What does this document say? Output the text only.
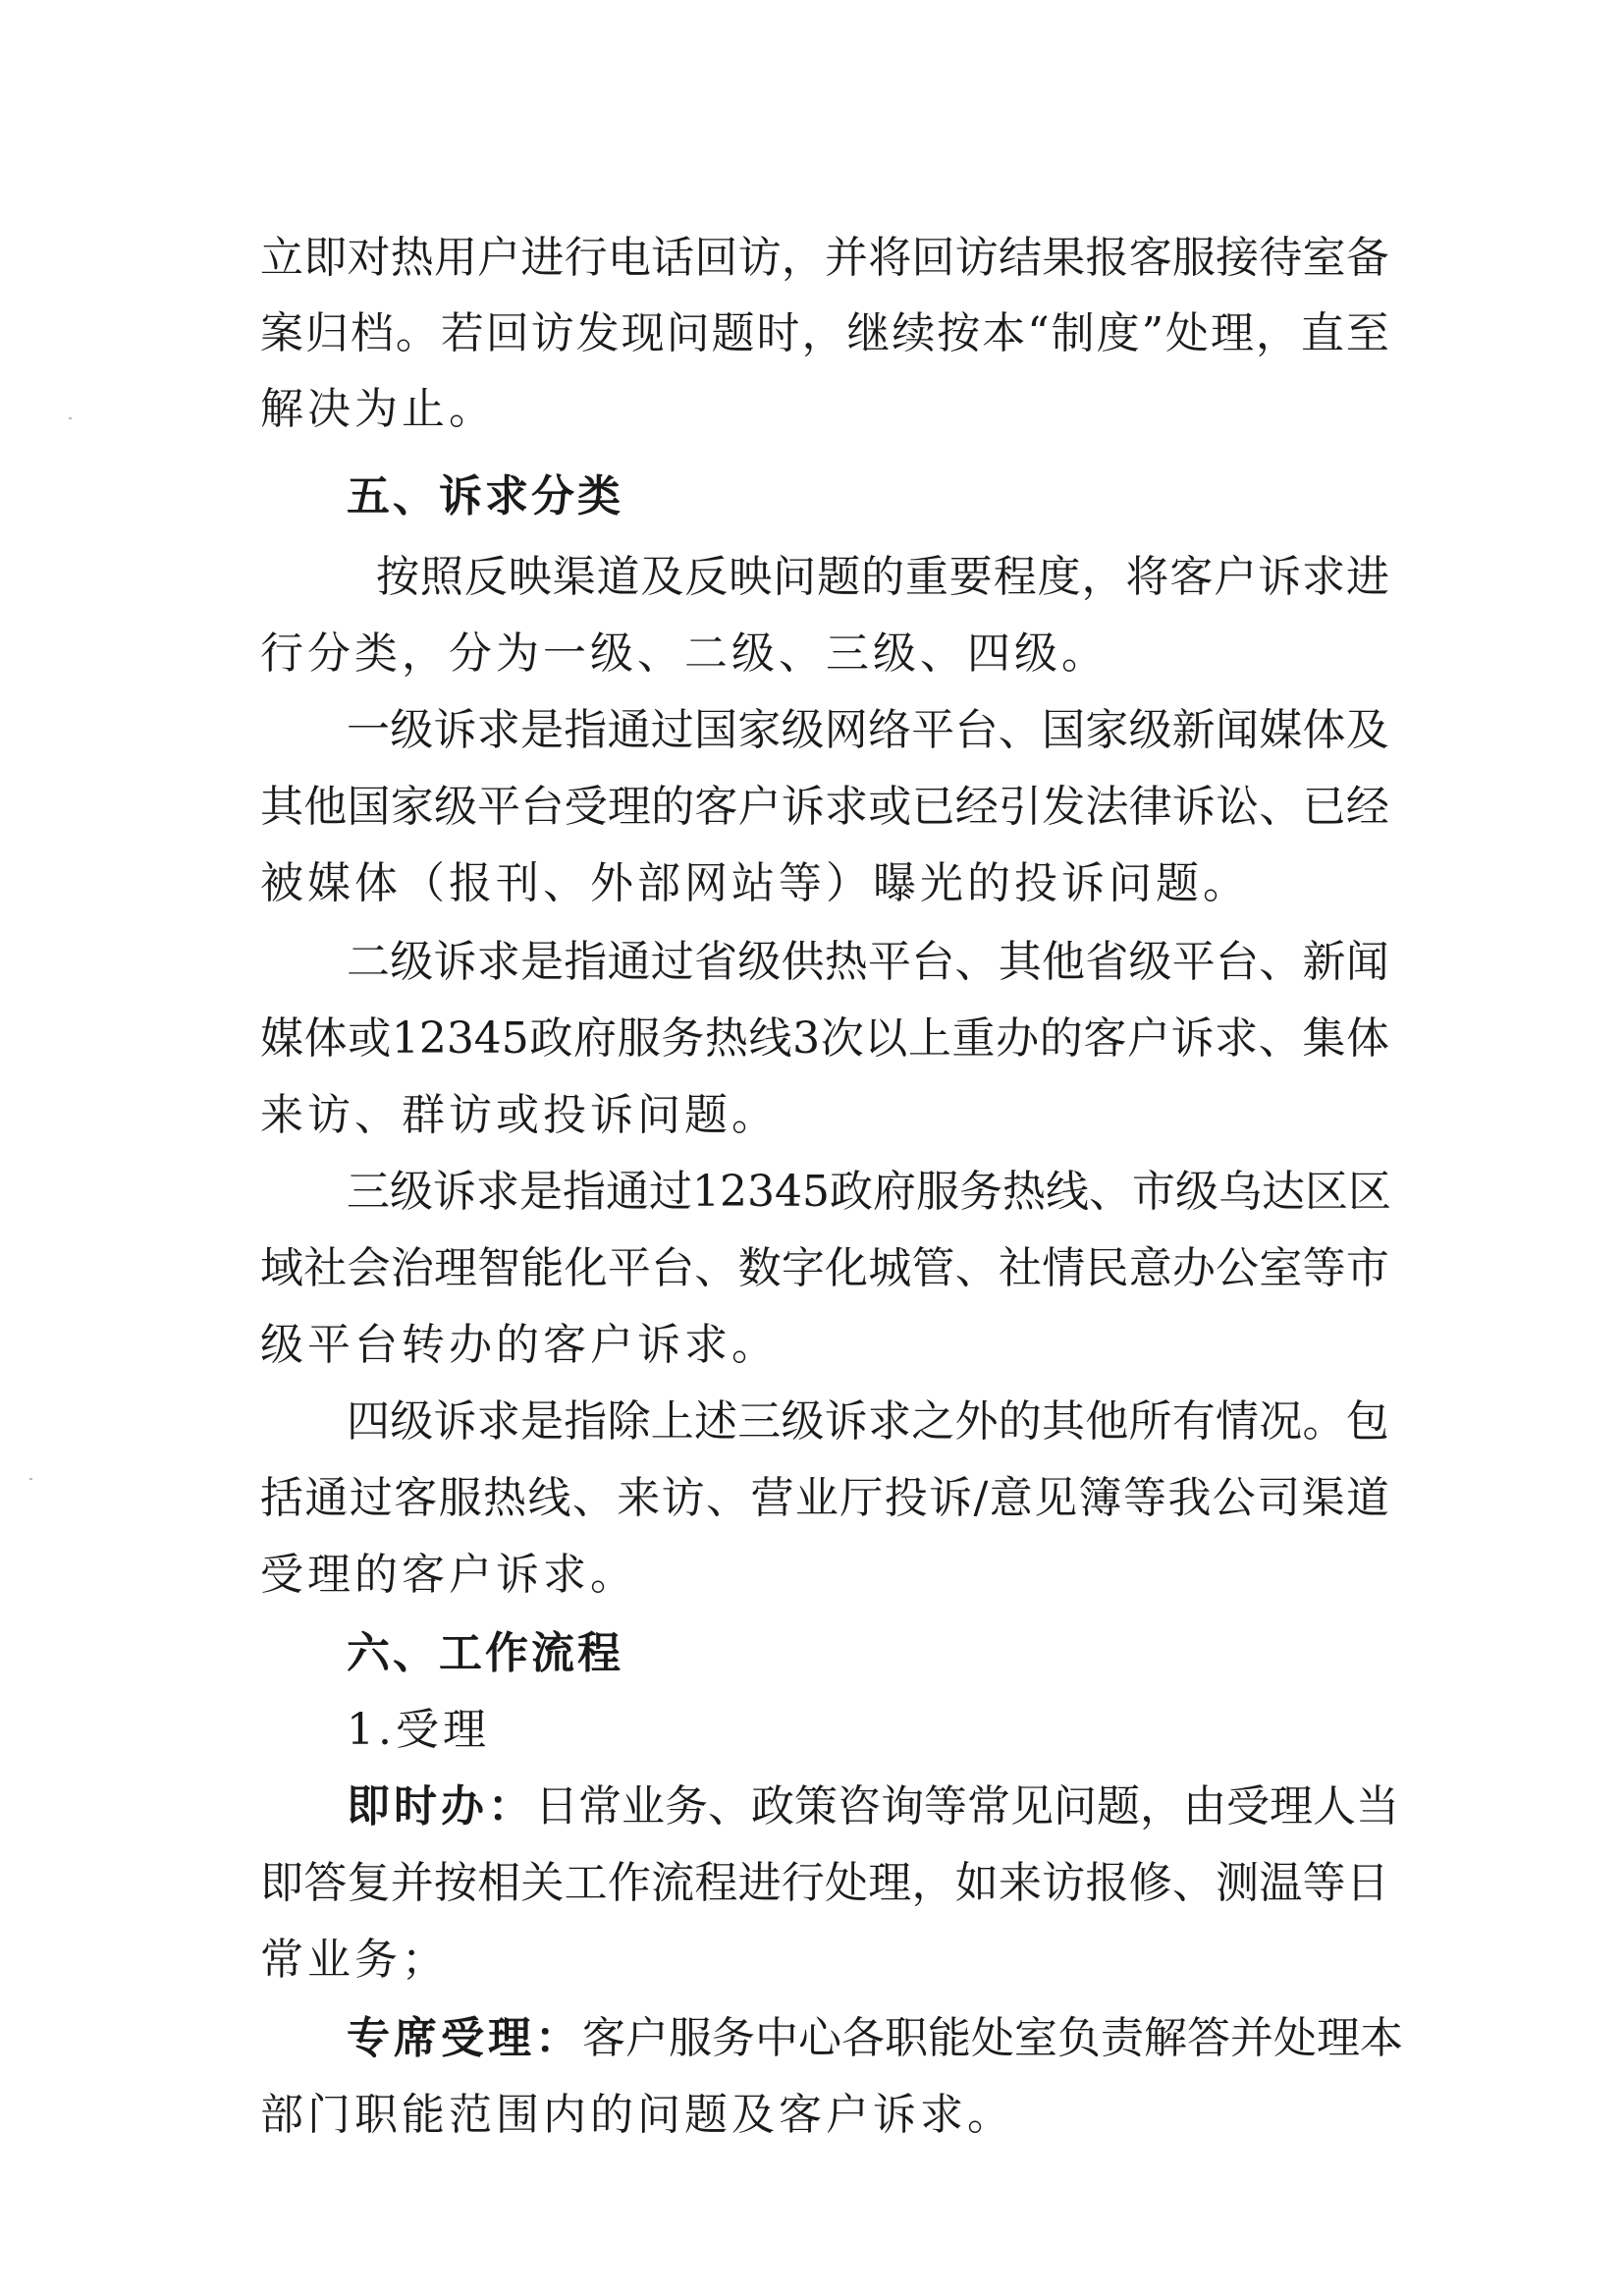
立 即 对 热 用 户 进 行 电 话 回 访 ， 并 将 回 访 结 果 报 客 服 接 待 室 备
案 归 档 。 若 回 访 发 现 问 题 时 ， 继 续 按 本 “ 制 度 ” 处 理 ， 直 至
解决为止。
五、诉求分类
按 照 反 映 渠 道 及 反 映 问 题 的 重 要 程 度 ， 将 客 户 诉 求 进
行分类，分为一级、二级、三级、四级。
一 级 诉 求 是 指 通 过 国 家 级 网 络 平 台 、 国 家 级 新 闻 媒 体 及
其 他 国 家 级 平 台 受 理 的 客 户 诉 求 或 已 经 引 发 法 律 诉 讼 、 已 经
被媒体（报刊、外部网站等）曝光的投诉问题。
二 级 诉 求 是 指 通 过 省 级 供 热 平 台 、 其 他 省 级 平 台 、 新 闻
媒 体 或 12345 政 府 服 务 热 线 3 次 以 上 重 办 的 客 户 诉 求 、 集 体
来访、群访或投诉问题。
三 级 诉 求 是 指 通 过 12345 政 府 服 务 热 线 、 市 级 乌 达 区 区
域 社 会 治 理 智 能 化 平 台 、 数 字 化 城 管 、 社 情 民 意 办 公 室 等 市
级平台转办的客户诉求。
四 级 诉 求 是 指 除 上 述 三 级 诉 求 之 外 的 其 他 所 有 情 况 。 包
括 通 过 客 服 热 线 、 来 访 、 营 业 厅 投 诉 / 意 见 簿 等 我 公 司 渠 道
受理的客户诉求。
六、工作流程
1.受理
即时办： 日 常 业 务 、 政 策 咨 询 等 常 见 问 题 ， 由 受 理 人 当
即 答 复 并 按 相 关 工 作 流 程 进 行 处 理 ， 如 来 访 报 修 、 测 温 等 日
常业务；
专席受理： 客 户 服 务 中 心 各 职 能 处 室 负 责 解 答 并 处 理 本
部门职能范围内的问题及客户诉求。
